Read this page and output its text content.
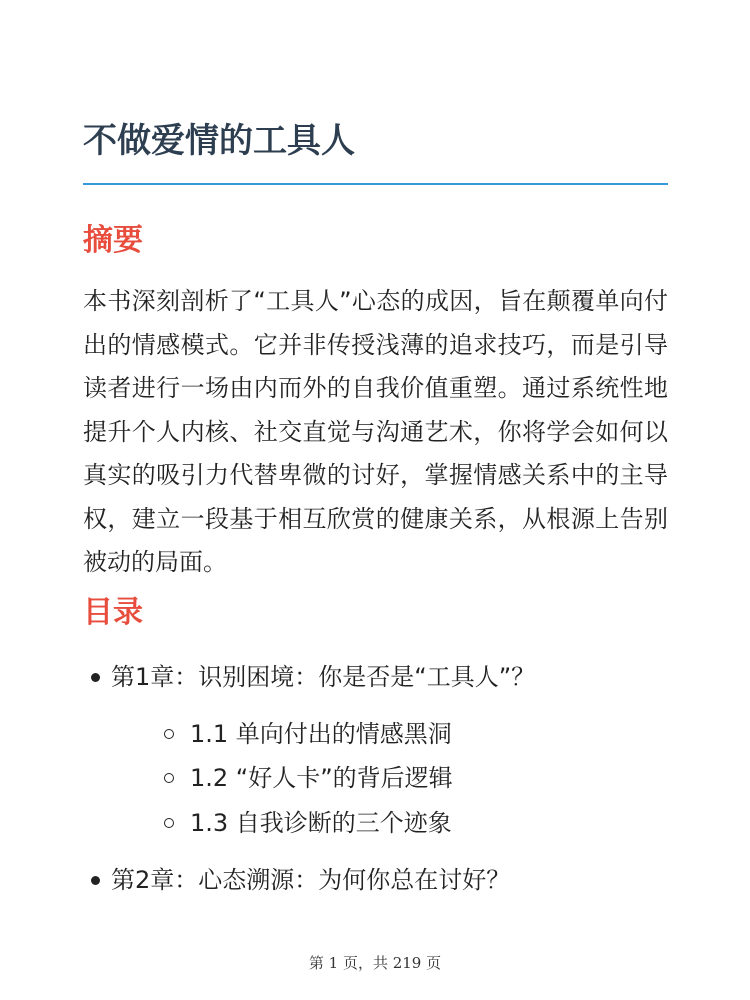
不做爱情的工具人
摘要

本书深刻剖析了“工具人”心态的成因，旨在颠覆单向付出的情感模式。它并非传授浅薄的追求技巧，而是引导读者进行一场由内而外的自我价值重塑。通过系统性地提升个人内核、社交直觉与沟通艺术，你将学会如何以真实的吸引力代替卑微的讨好，掌握情感关系中的主导权，建立一段基于相互欣赏的健康关系，从根源上告别被动的局面。

目录
第1章：识别困境：你是否是“工具人”？
1.1 单向付出的情感黑洞
1.2 “好人卡”的背后逻辑
1.3 自我诊断的三个迹象
第2章：心态溯源：为何你总在讨好？
第 1 页，共 219 页
